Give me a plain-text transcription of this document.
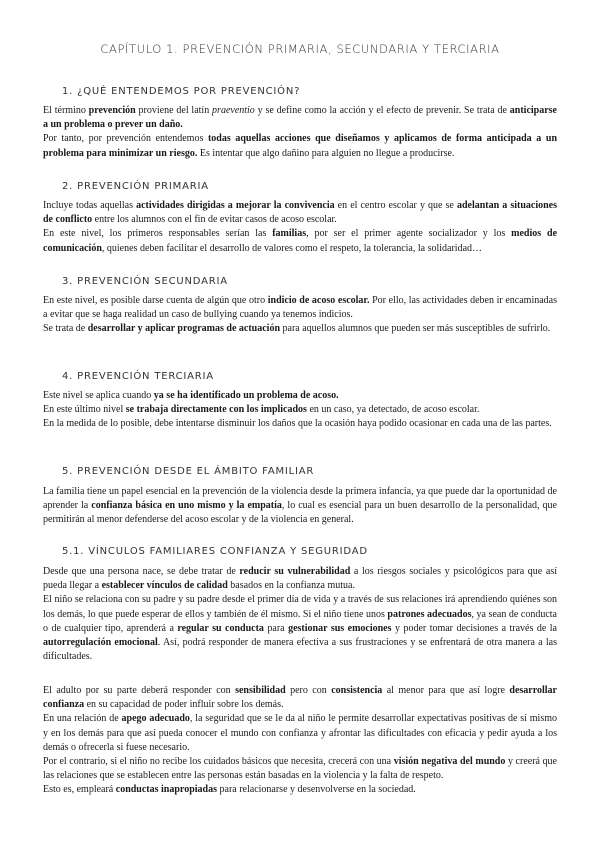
CAPÍTULO 1. PREVENCIÓN PRIMARIA, SECUNDARIA Y TERCIARIA
1. ¿QUÉ ENTENDEMOS POR PREVENCIÓN?

El término prevención proviene del latín praeventio y se define como la acción y el efecto de prevenir. Se trata de anticiparse a un problema o prever un daño.

Por tanto, por prevención entendemos todas aquellas acciones que diseñamos y aplicamos de forma anticipada a un problema para minimizar un riesgo. Es intentar que algo dañino para alguien no llegue a producirse.

2. PREVENCIÓN PRIMARIA

Incluye todas aquellas actividades dirigidas a mejorar la convivencia en el centro escolar y que se adelantan a situaciones de conflicto entre los alumnos con el fin de evitar casos de acoso escolar.

En este nivel, los primeros responsables serían las familias, por ser el primer agente socializador y los medios de comunicación, quienes deben facilitar el desarrollo de valores como el respeto, la tolerancia, la solidaridad…

3. PREVENCIÓN SECUNDARIA

En este nivel, es posible darse cuenta de algún que otro indicio de acoso escolar. Por ello, las actividades deben ir encaminadas a evitar que se haga realidad un caso de bullying cuando ya tenemos indicios.

Se trata de desarrollar y aplicar programas de actuación para aquellos alumnos que pueden ser más susceptibles de sufrirlo.

4. PREVENCIÓN TERCIARIA

Este nivel se aplica cuando ya se ha identificado un problema de acoso.

En este último nivel se trabaja directamente con los implicados en un caso, ya detectado, de acoso escolar.

En la medida de lo posible, debe intentarse disminuir los daños que la ocasión haya podido ocasionar en cada una de las partes.

5. PREVENCIÓN DESDE EL ÁMBITO FAMILIAR

La familia tiene un papel esencial en la prevención de la violencia desde la primera infancia, ya que puede dar la oportunidad de aprender la confianza básica en uno mismo y la empatía, lo cual es esencial para un buen desarrollo de la personalidad, que permitirán al menor defenderse del acoso escolar y de la violencia en general.

5.1. VÍNCULOS FAMILIARES CONFIANZA Y SEGURIDAD

Desde que una persona nace, se debe tratar de reducir su vulnerabilidad a los riesgos sociales y psicológicos para que así pueda llegar a establecer vínculos de calidad basados en la confianza mutua.

El niño se relaciona con su padre y su padre desde el primer día de vida y a través de sus relaciones irá aprendiendo quiénes son los demás, lo que puede esperar de ellos y también de él mismo. Si el niño tiene unos patrones adecuados, ya sean de conducta o de cualquier tipo, aprenderá a regular su conducta para gestionar sus emociones y poder tomar decisiones a través de la autorregulación emocional. Así, podrá responder de manera efectiva a sus frustraciones y se enfrentará de otra manera a las dificultades.

El adulto por su parte deberá responder con sensibilidad pero con consistencia al menor para que así logre desarrollar confianza en su capacidad de poder influir sobre los demás.

En una relación de apego adecuado, la seguridad que se le da al niño le permite desarrollar expectativas positivas de sí mismo y en los demás para que así pueda conocer el mundo con confianza y afrontar las dificultades con eficacia y pedir ayuda a los demás o ofrecerla si fuese necesario.

Por el contrario, si el niño no recibe los cuidados básicos que necesita, crecerá con una visión negativa del mundo y creerá que las relaciones que se establecen entre las personas están basadas en la violencia y la falta de respeto.

Esto es, empleará conductas inapropiadas para relacionarse y desenvolverse en la sociedad.
